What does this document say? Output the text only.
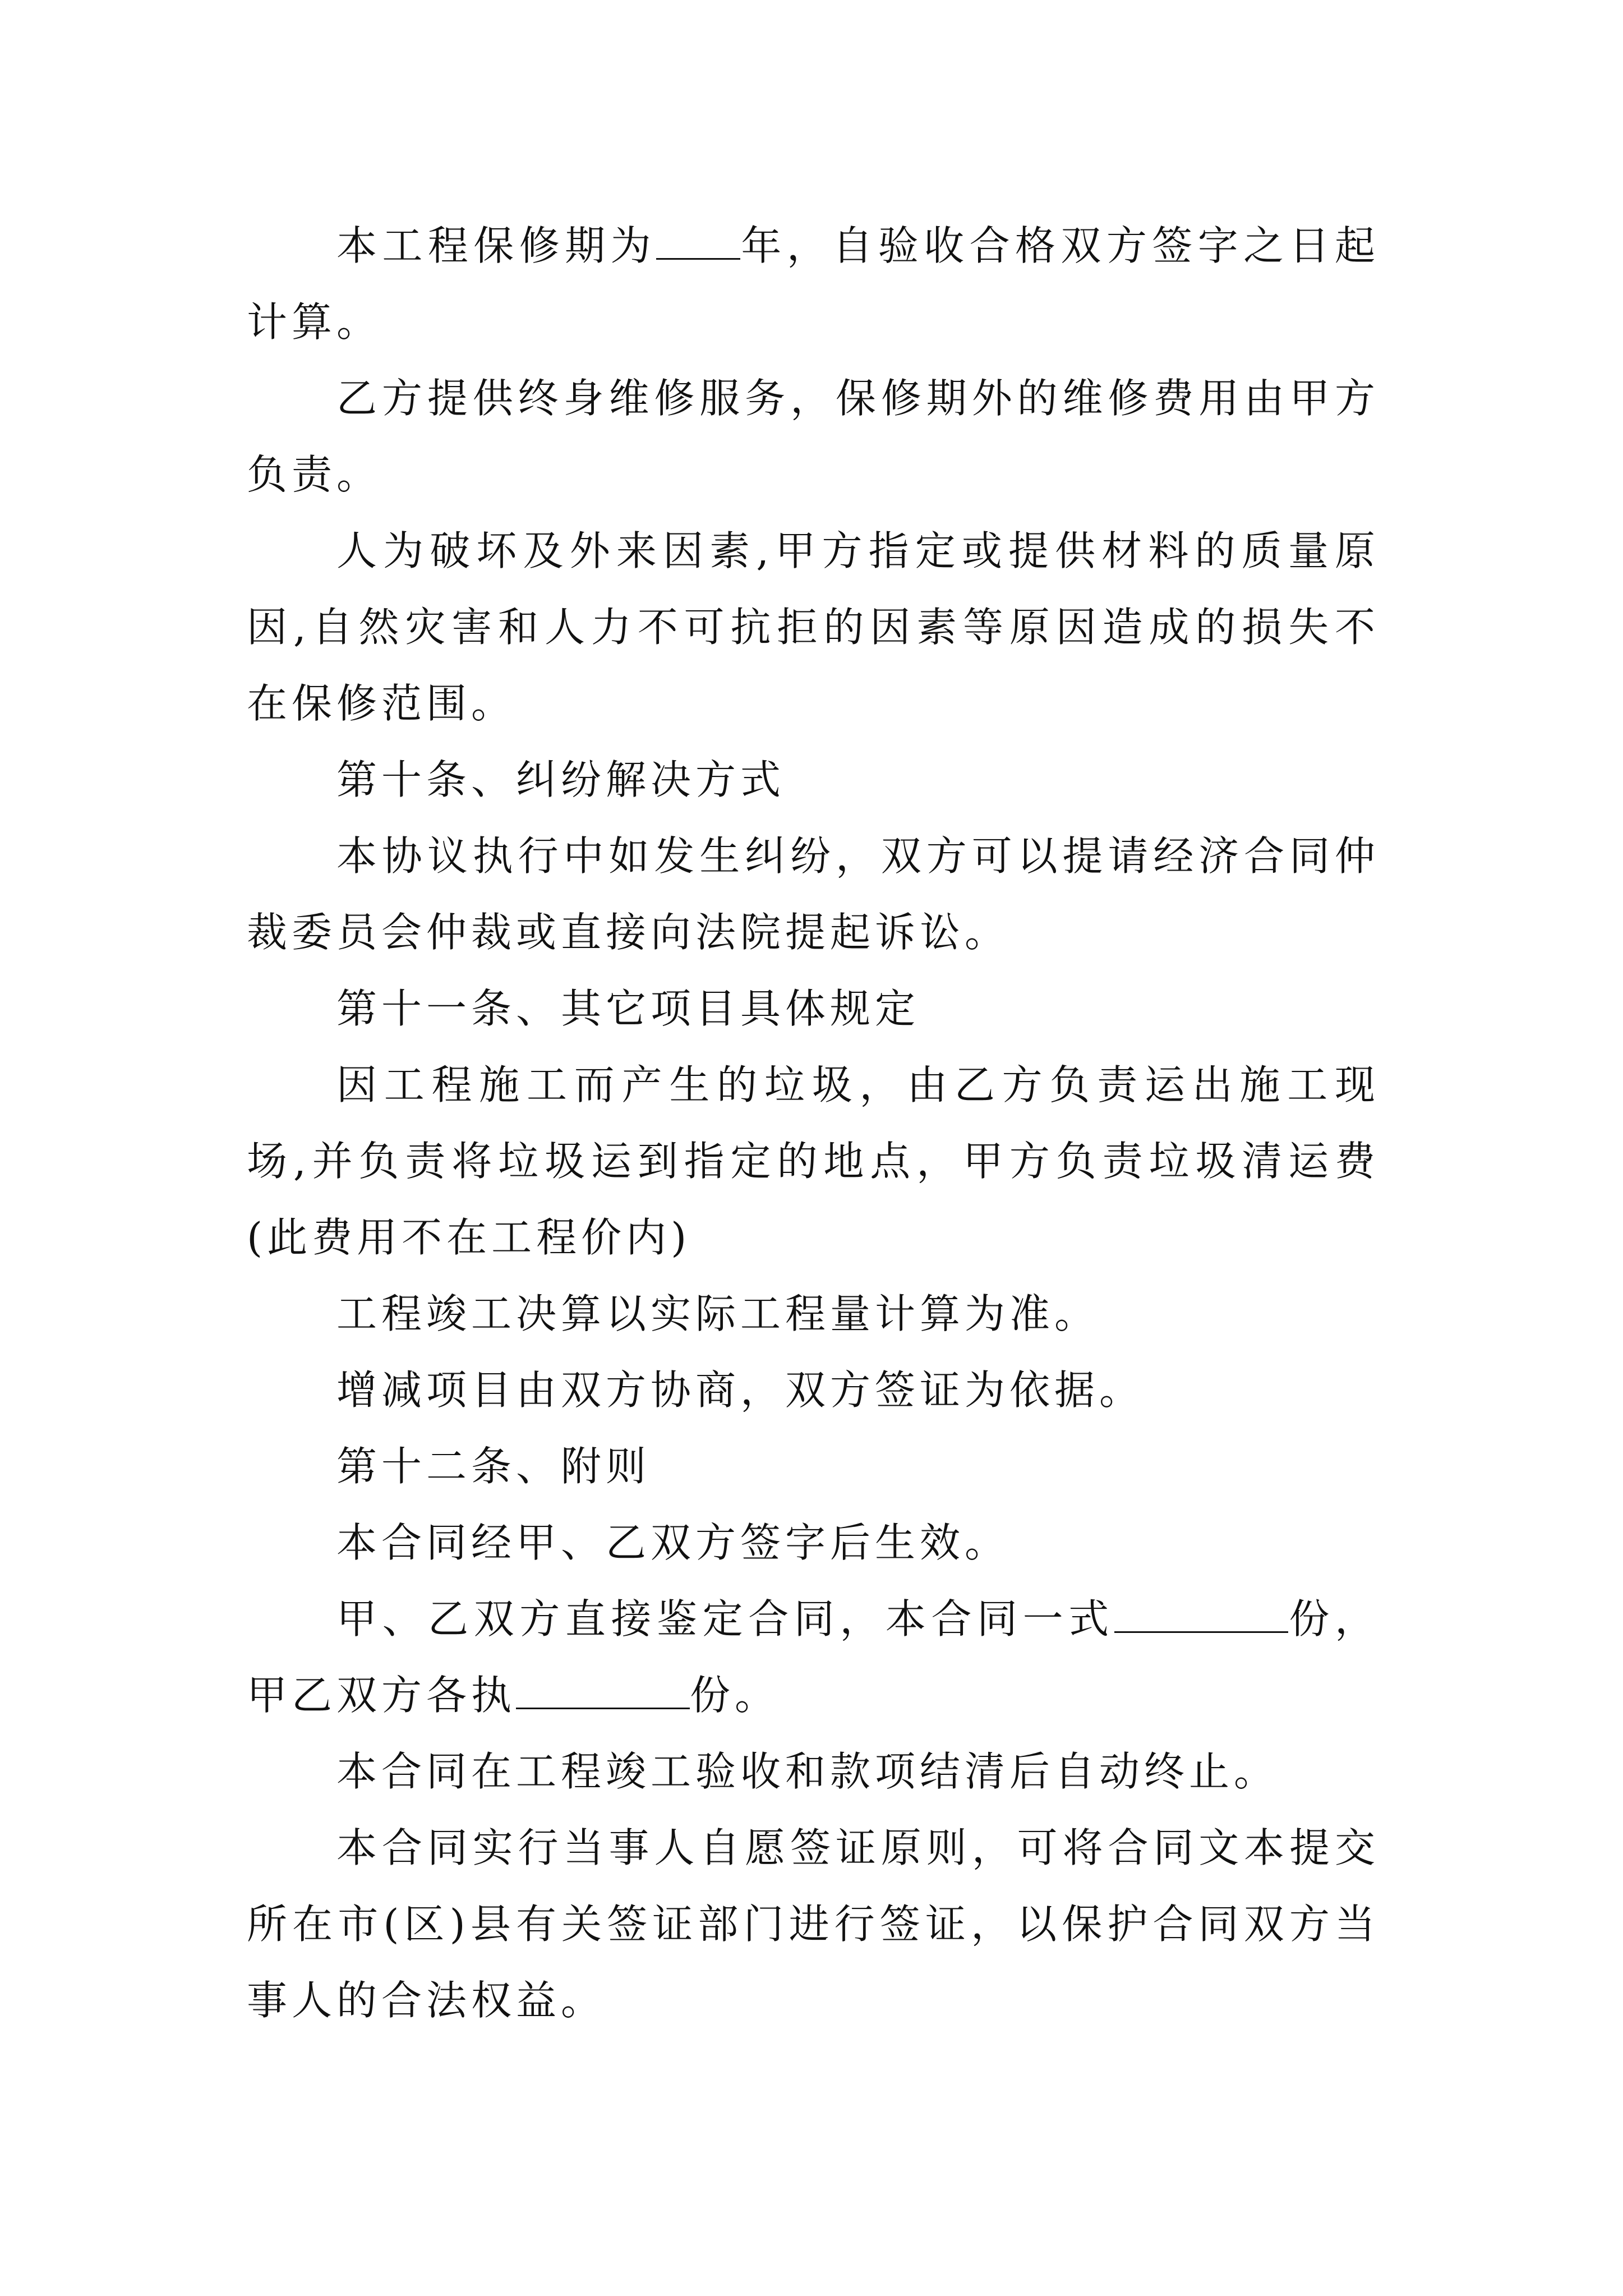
本工程保修期为 年，自验收合格双方签字之日起计算。

乙方提供终身维修服务，保修期外的维修费用由甲方负责。

人为破坏及外来因素,甲方指定或提供材料的质量原因,自然灾害和人力不可抗拒的因素等原因造成的损失不在保修范围。

第十条、纠纷解决方式

本协议执行中如发生纠纷，双方可以提请经济合同仲裁委员会仲裁或直接向法院提起诉讼。

第十一条、其它项目具体规定

因工程施工而产生的垃圾，由乙方负责运出施工现场,并负责将垃圾运到指定的地点，甲方负责垃圾清运费(此费用不在工程价内)

工程竣工决算以实际工程量计算为准。

增减项目由双方协商，双方签证为依据。

第十二条、附则

本合同经甲、乙双方签字后生效。

甲、乙双方直接鉴定合同，本合同一式	份，甲乙双方各执	份。

本合同在工程竣工验收和款项结清后自动终止。

本合同实行当事人自愿签证原则，可将合同文本提交所在市(区)县有关签证部门进行签证，以保护合同双方当事人的合法权益。
